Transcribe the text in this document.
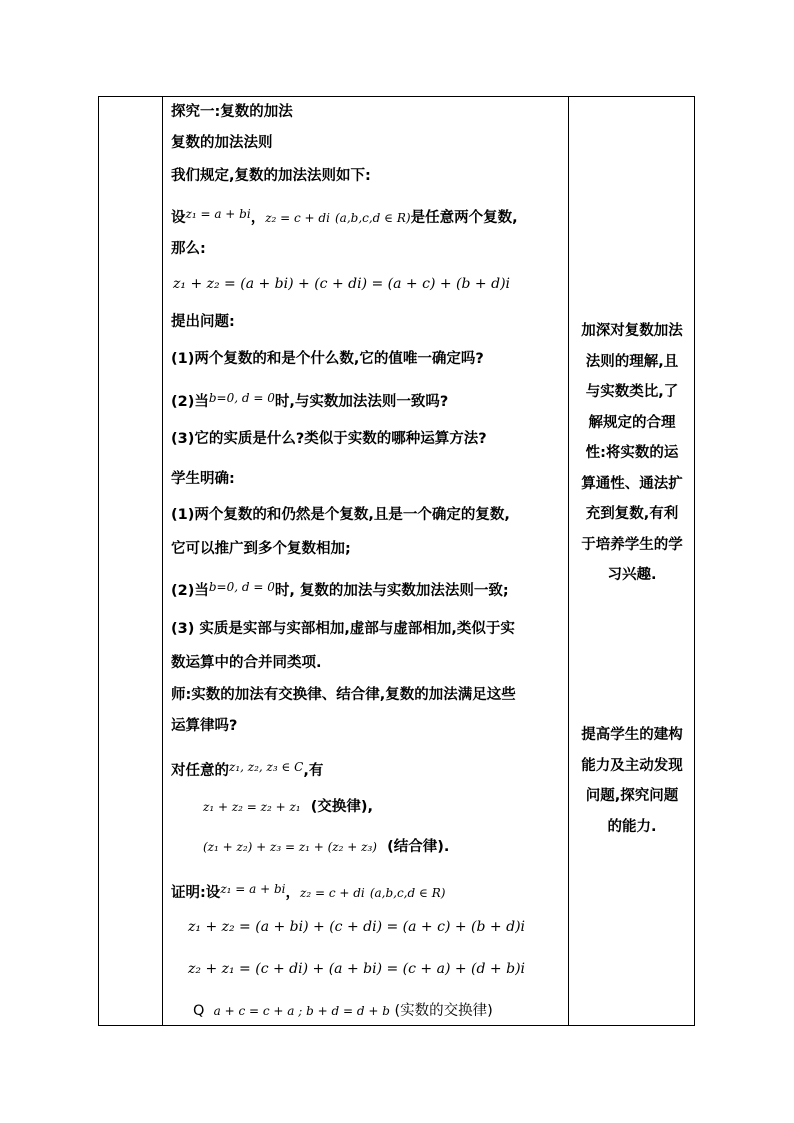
探究一:复数的加法
复数的加法法则
我们规定,复数的加法法则如下:
设$^{z_1 = a + bi}$，z₂ = c + di (a,b,c,d ∈ R)是任意两个复数,
那么:
z₁ + z₂ = (a + bi) + (c + di) = (a + c) + (b + d)i
提出问题:
(1)两个复数的和是个什么数,它的值唯一确定吗?
(2)当$^{b=0, d = 0}$时,与实数加法法则一致吗?
(3)它的实质是什么?类似于实数的哪种运算方法?
学生明确:
(1)两个复数的和仍然是个复数,且是一个确定的复数,
它可以推广到多个复数相加;
(2)当$^{b=0, d = 0}$时, 复数的加法与实数加法法则一致;
(3) 实质是实部与实部相加,虚部与虚部相加,类似于实
数运算中的合并同类项.
师:实数的加法有交换律、结合律,复数的加法满足这些
运算律吗?
对任意的$^{z_1, z_2, z_3 \in C}$,有
z₁ + z₂ = z₂ + z₁ (交换律),
(z₁ + z₂) + z₃ = z₁ + (z₂ + z₃) (结合律).
证明:设$^{z_1 = a + bi}$，z₂ = c + di (a,b,c,d ∈ R)
z₁ + z₂ = (a + bi) + (c + di) = (a + c) + (b + d)i
z₂ + z₁ = (c + di) + (a + bi) = (c + a) + (d + b)i
Q a + c = c + a ; b + d = d + b (实数的交换律)
加深对复数加法
法则的理解,且
与实数类比,了
解规定的合理
性:将实数的运
算通性、通法扩
充到复数,有利
于培养学生的学
习兴趣.
提高学生的建构
能力及主动发现
问题,探究问题
的能力.
